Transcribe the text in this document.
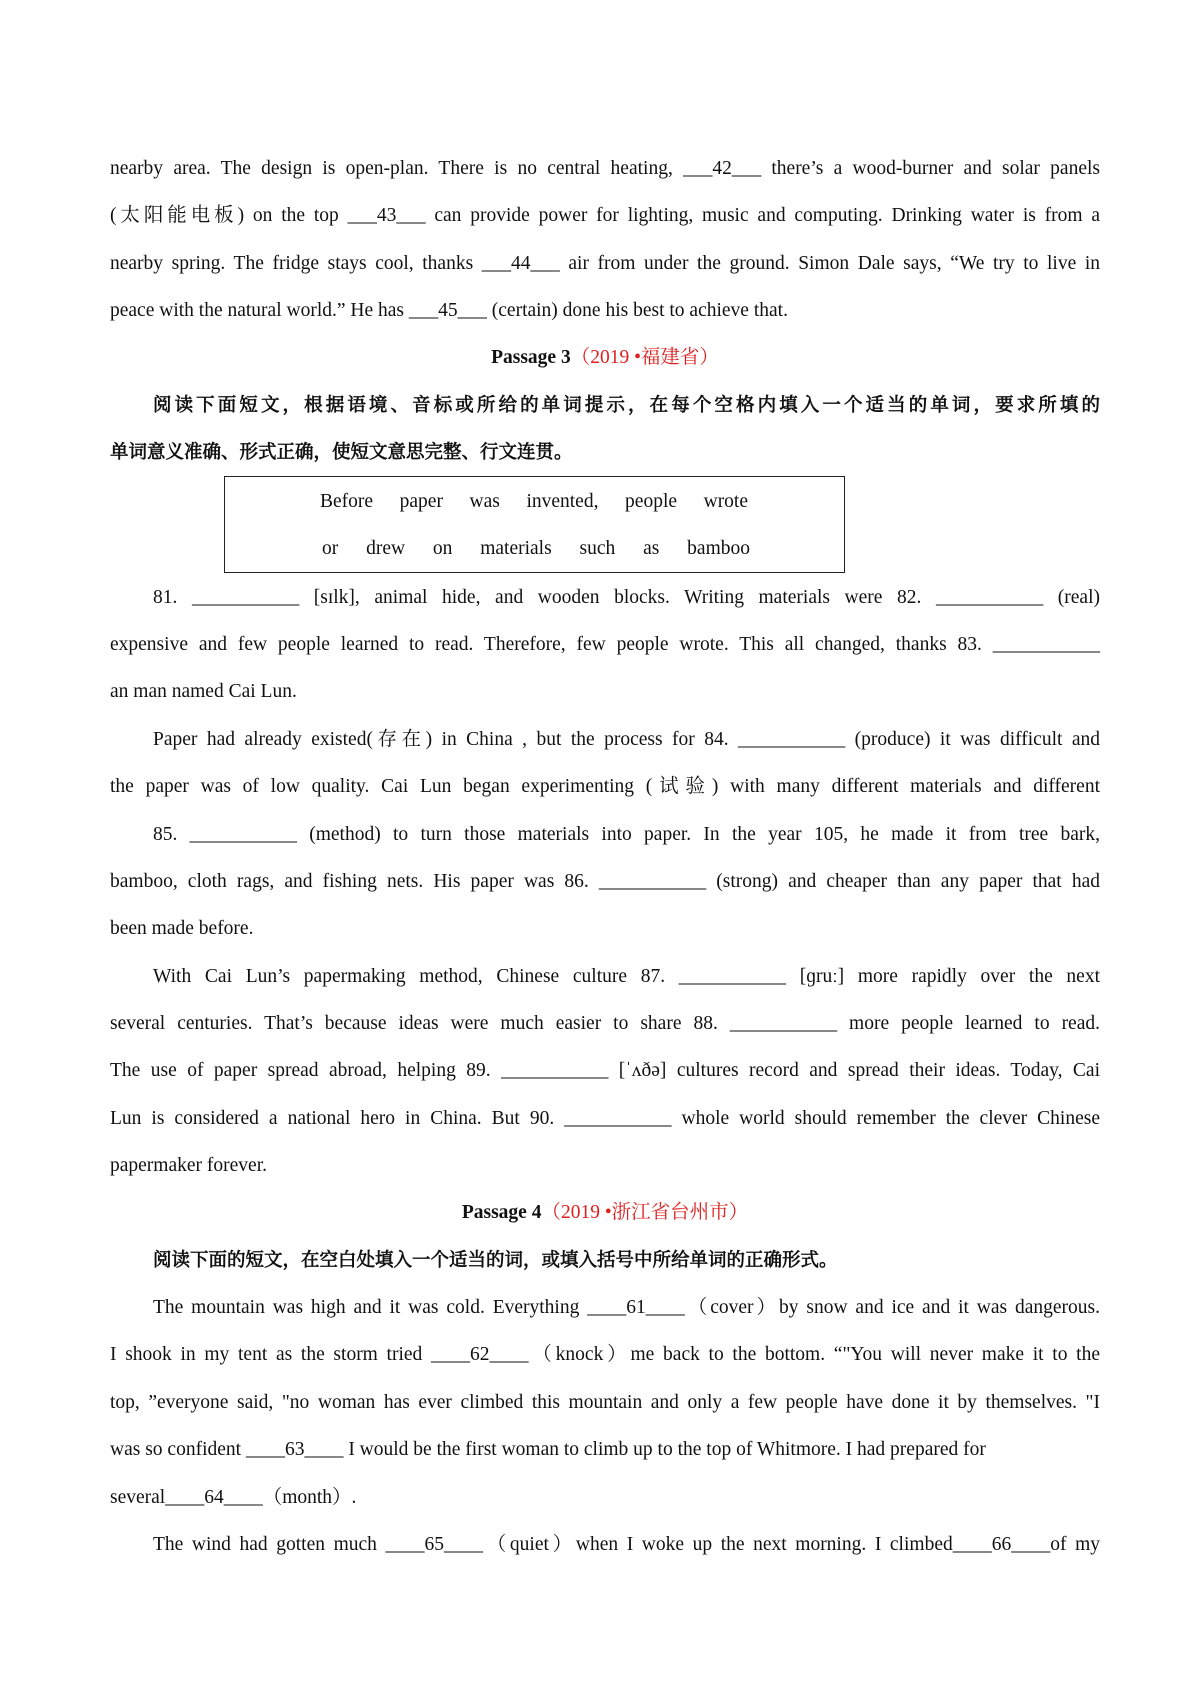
nearby area. The design is open-plan. There is no central heating, ___42___ there’s a wood-burner and solar panels
(太阳能电板) on the top ___43___ can provide power for lighting, music and computing. Drinking water is from a
nearby spring. The fridge stays cool, thanks ___44___ air from under the ground. Simon Dale says, “We try to live in
peace with the natural world.” He has ___45___ (certain) done his best to achieve that.
Passage 3（2019 •福建省）
阅读下面短文，根据语境、音标或所给的单词提示，在每个空格内填入一个适当的单词，要求所填的
单词意义准确、形式正确，使短文意思完整、行文连贯。
Before paper was invented, people wrote
or drew on materials such as bamboo
81. ___________ [sɪlk], animal hide, and wooden blocks. Writing materials were 82. ___________ (real)
expensive and few people learned to read. Therefore, few people wrote. This all changed, thanks 83. ___________
an man named Cai Lun.
Paper had already existed(存在) in China , but the process for 84. ___________ (produce) it was difficult and
the paper was of low quality. Cai Lun began experimenting (试验) with many different materials and different
85. ___________ (method) to turn those materials into paper. In the year 105, he made it from tree bark,
bamboo, cloth rags, and fishing nets. His paper was 86. ___________ (strong) and cheaper than any paper that had
been made before.
With Cai Lun’s papermaking method, Chinese culture 87. ___________ [ɡruː] more rapidly over the next
several centuries. That’s because ideas were much easier to share 88. ___________ more people learned to read.
The use of paper spread abroad, helping 89. ___________ [ˈʌðə] cultures record and spread their ideas. Today, Cai
Lun is considered a national hero in China. But 90. ___________ whole world should remember the clever Chinese
papermaker forever.
Passage 4（2019 •浙江省台州市）
阅读下面的短文，在空白处填入一个适当的词，或填入括号中所给单词的正确形式。
The mountain was high and it was cold. Everything ____61____（cover）by snow and ice and it was dangerous.
I shook in my tent as the storm tried ____62____（knock）me back to the bottom. “"You will never make it to the
top, ”everyone said, "no woman has ever climbed this mountain and only a few people have done it by themselves. "I
was so confident ____63____ I would be the first woman to climb up to the top of Whitmore. I had prepared for
several____64____（month）.
The wind had gotten much ____65____（quiet）when I woke up the next morning. I climbed____66____of my
